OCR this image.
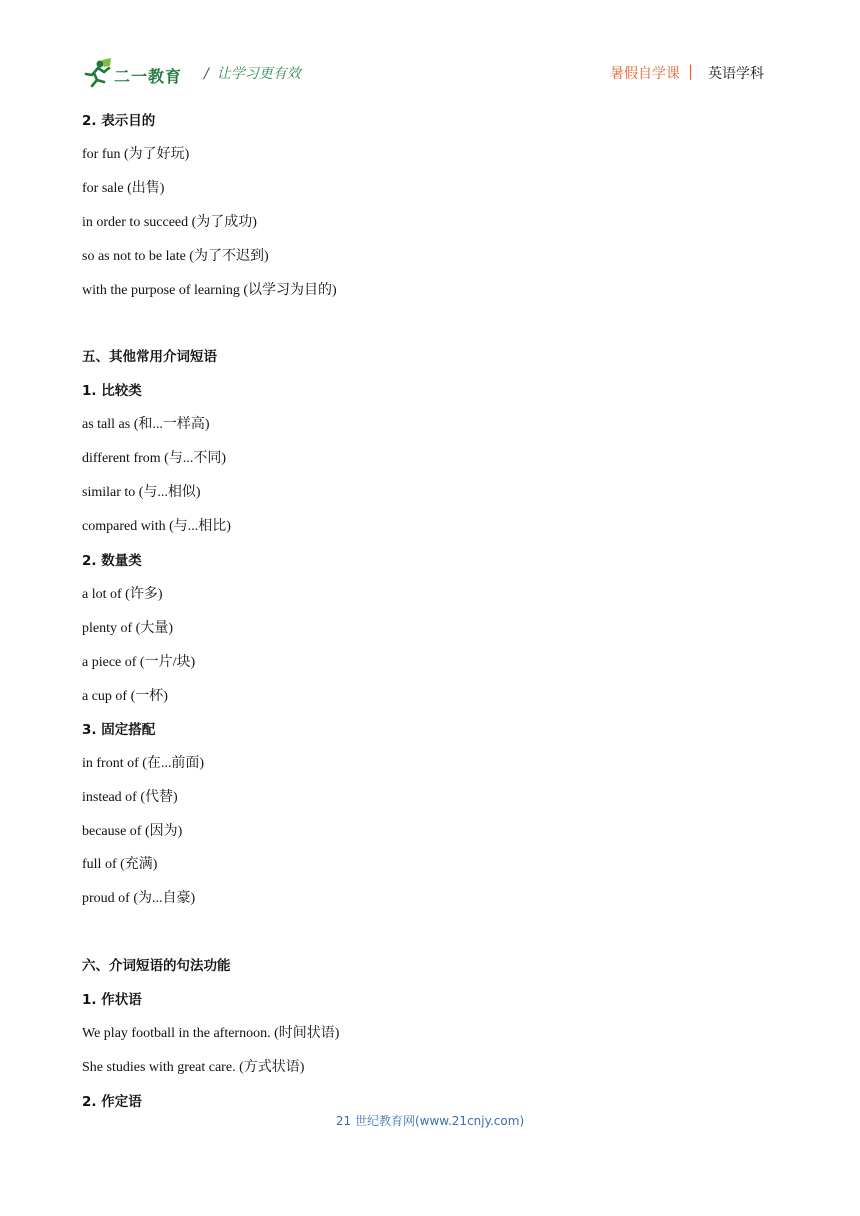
二一教育 / 让学习更有效	暑假自学课 | 英语学科
2. 表示目的
for fun (为了好玩)
for sale (出售)
in order to succeed (为了成功)
so as not to be late (为了不迟到)
with the purpose of learning (以学习为目的)
五、其他常用介词短语
1. 比较类
as tall as (和...一样高)
different from (与...不同)
similar to (与...相似)
compared with (与...相比)
2. 数量类
a lot of (许多)
plenty of (大量)
a piece of (一片/块)
a cup of (一杯)
3. 固定搭配
in front of (在...前面)
instead of (代替)
because of (因为)
full of (充满)
proud of (为...自豪)
六、介词短语的句法功能
1. 作状语
We play football in the afternoon. (时间状语)
She studies with great care. (方式状语)
2. 作定语
21 世纪教育网(www.21cnjy.com)
